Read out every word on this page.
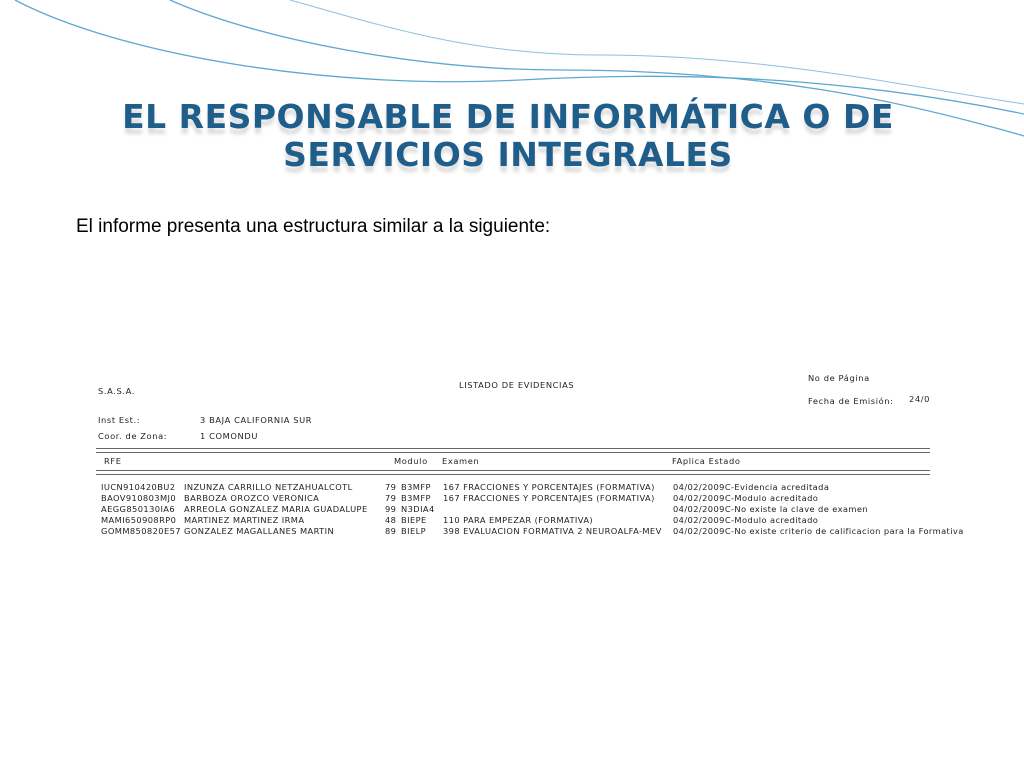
EL RESPONSABLE DE INFORMÁTICA O DE
SERVICIOS INTEGRALES
El informe presenta una estructura similar a la siguiente:
S.A.S.A.
LISTADO DE EVIDENCIAS
No de Página
Fecha de Emisión: 24/0
Inst Est.:	3 BAJA CALIFORNIA SUR
Coor. de Zona:	1 COMONDU
RFE	Modulo Examen	FAplica Estado
IUCN910420BU2 INZUNZA CARRILLO NETZAHUALCOTL	79 B3MFP 167 FRACCIONES Y PORCENTAJES (FORMATIVA) 04/02/2009C-Evidencia acreditada
BAOV910803MJ0 BARBOZA OROZCO VERONICA	79 B3MFP 167 FRACCIONES Y PORCENTAJES (FORMATIVA) 04/02/2009C-Modulo acreditado
AEGG850130IA6 ARREOLA GONZALEZ MARIA GUADALUPE 99 N3DIA4	04/02/2009C-No existe la clave de examen
MAMI650908RP0 MARTINEZ MARTINEZ IRMA	48 BIEPE 110 PARA EMPEZAR (FORMATIVA)	04/02/2009C-Modulo acreditado
GOMM850820E57 GONZALEZ MAGALLANES MARTIN	89 BIELP 398 EVALUACION FORMATIVA 2 NEUROALFA-MEV 04/02/2009C-No existe criterio de calificacion para la Formativa
